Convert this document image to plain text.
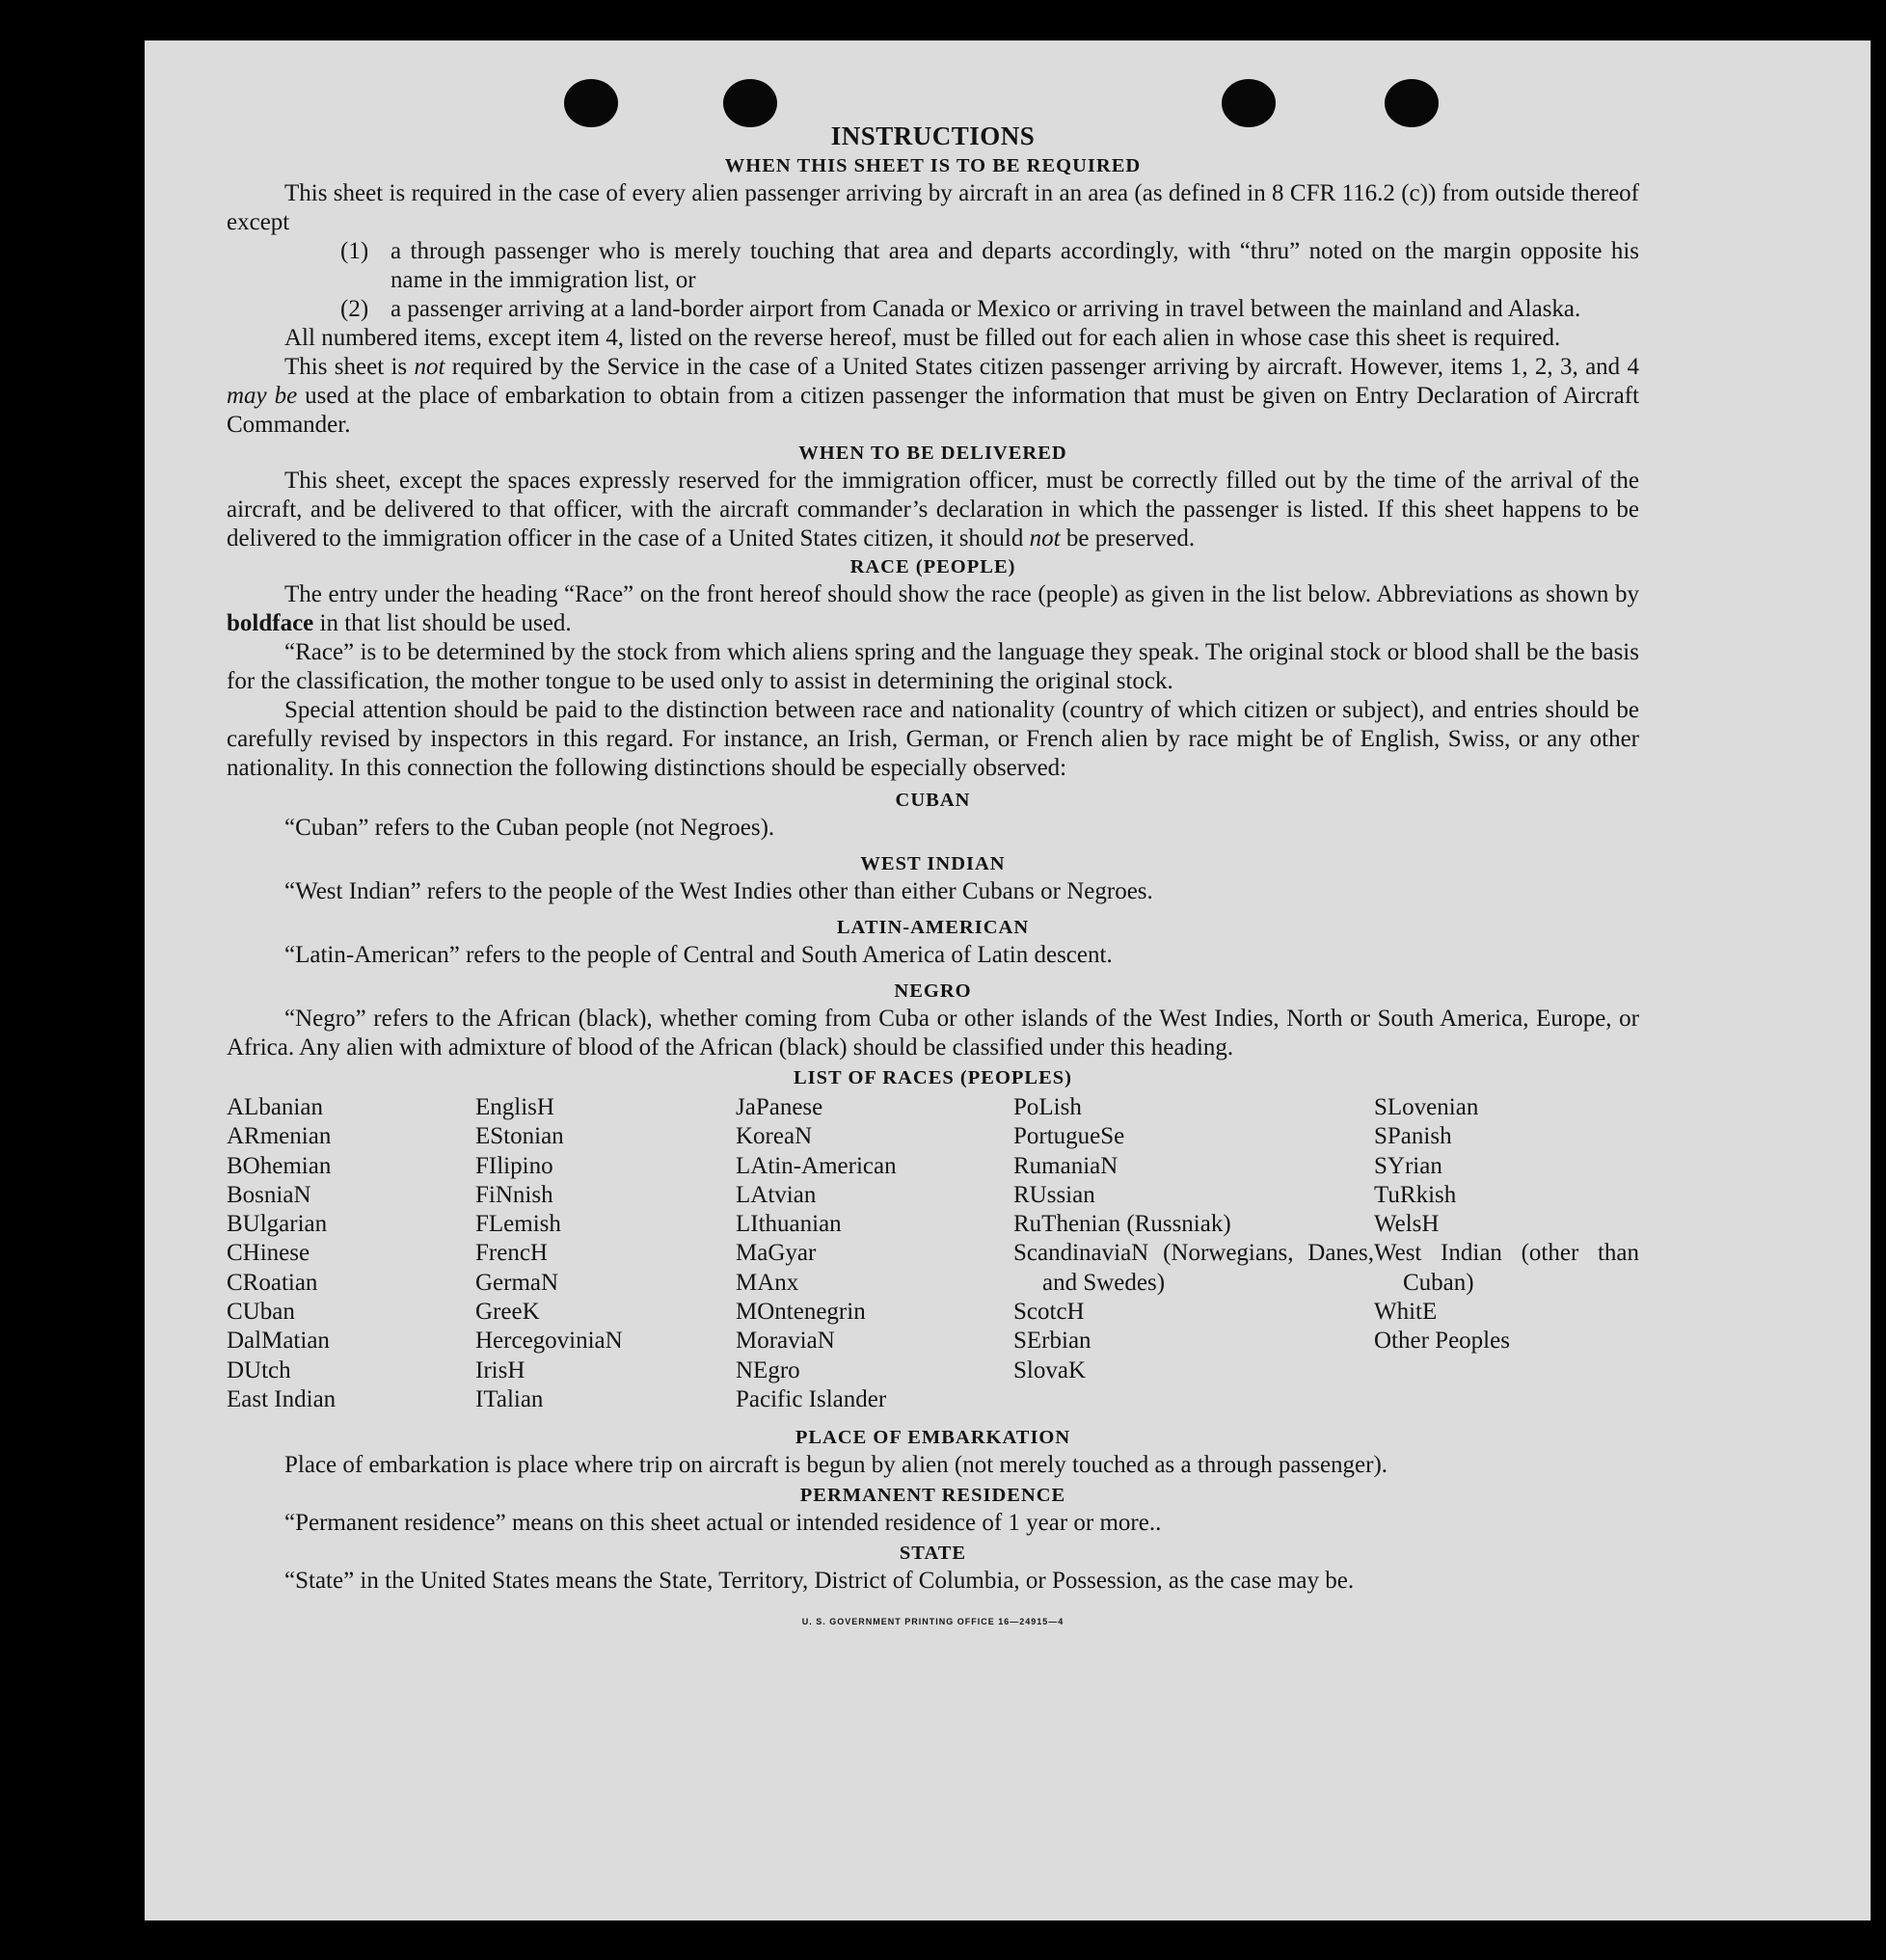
INSTRUCTIONS
WHEN THIS SHEET IS TO BE REQUIRED

This sheet is required in the case of every alien passenger arriving by aircraft in an area (as defined in 8 CFR 116.2 (c)) from outside thereof except

(1) a through passenger who is merely touching that area and departs accordingly, with “thru” noted on the margin opposite his name in the immigration list, or
(2) a passenger arriving at a land-border airport from Canada or Mexico or arriving in travel between the mainland and Alaska.

All numbered items, except item 4, listed on the reverse hereof, must be filled out for each alien in whose case this sheet is required.

This sheet is not required by the Service in the case of a United States citizen passenger arriving by aircraft. However, items 1, 2, 3, and 4 may be used at the place of embarkation to obtain from a citizen passenger the information that must be given on Entry Declaration of Aircraft Commander.

WHEN TO BE DELIVERED

This sheet, except the spaces expressly reserved for the immigration officer, must be correctly filled out by the time of the arrival of the aircraft, and be delivered to that officer, with the aircraft commander’s declaration in which the passenger is listed. If this sheet happens to be delivered to the immigration officer in the case of a United States citizen, it should not be preserved.

RACE (PEOPLE)

The entry under the heading “Race” on the front hereof should show the race (people) as given in the list below. Abbreviations as shown by boldface in that list should be used.

“Race” is to be determined by the stock from which aliens spring and the language they speak. The original stock or blood shall be the basis for the classification, the mother tongue to be used only to assist in determining the original stock.

Special attention should be paid to the distinction between race and nationality (country of which citizen or subject), and entries should be carefully revised by inspectors in this regard. For instance, an Irish, German, or French alien by race might be of English, Swiss, or any other nationality. In this connection the following distinctions should be especially observed:

CUBAN

“Cuban” refers to the Cuban people (not Negroes).

WEST INDIAN

“West Indian” refers to the people of the West Indies other than either Cubans or Negroes.

LATIN-AMERICAN

“Latin-American” refers to the people of Central and South America of Latin descent.

NEGRO

“Negro” refers to the African (black), whether coming from Cuba or other islands of the West Indies, North or South America, Europe, or Africa. Any alien with admixture of blood of the African (black) should be classified under this heading.

LIST OF RACES (PEOPLES)
ALbanian
ARmenian
BOhemian
BosniaN
BUlgarian
CHinese
CRoatian
CUban
DalMatian
DUtch
East Indian
EnglisH
EStonian
FIlipino
FiNnish
FLemish
FrencH
GermaN
GreeK
HercegoviniaN
IrisH
ITalian
JaPanese
KoreaN
LAtin-American
LAtvian
LIthuanian
MaGyar
MAnx
MOntenegrin
MoraviaN
NEgro
Pacific Islander
PoLish
PortugueSe
RumaniaN
RUssian
RuThenian (Russniak)
ScandinaviaN (Norwegians, Danes, and Swedes)
ScotcH
SErbian
SlovaK
SLovenian
SPanish
SYrian
TuRkish
WelsH
West Indian (other than Cuban)
WhitE
Other Peoples
PLACE OF EMBARKATION

Place of embarkation is place where trip on aircraft is begun by alien (not merely touched as a through passenger).

PERMANENT RESIDENCE

“Permanent residence” means on this sheet actual or intended residence of 1 year or more..

STATE

“State” in the United States means the State, Territory, District of Columbia, or Possession, as the case may be.

U. S. GOVERNMENT PRINTING OFFICE 16—24915—4
